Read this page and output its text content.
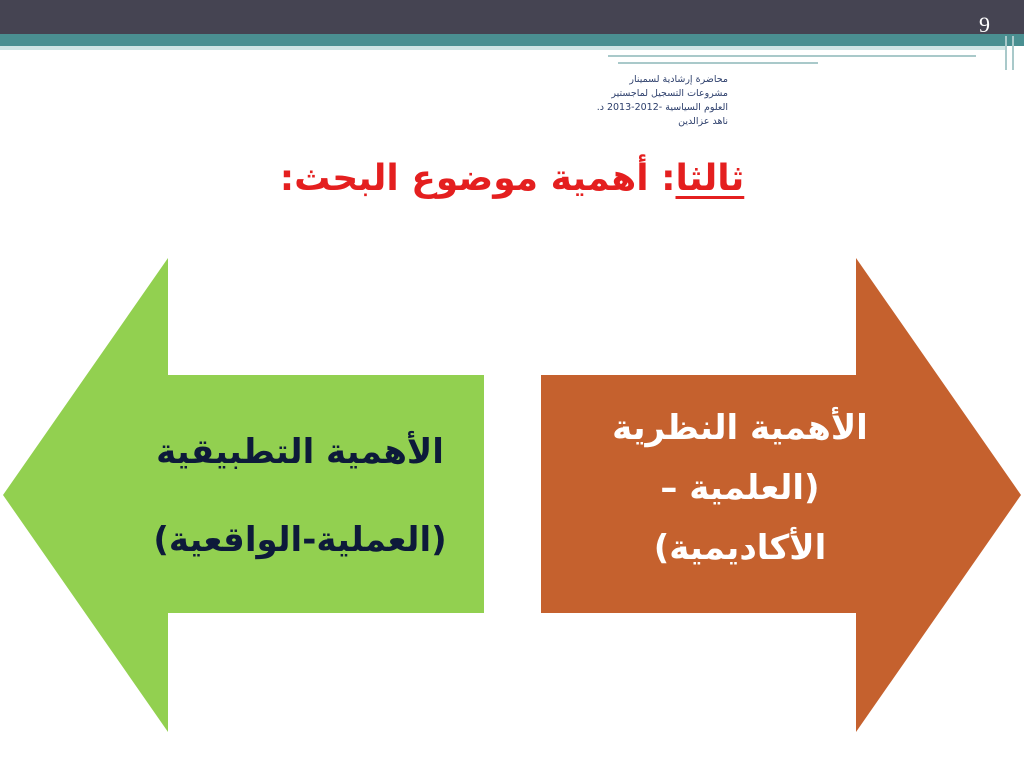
9
محاضرة إرشادية لسمينار
مشروعات التسجيل لماجستير
العلوم السياسية -2012-2013 د.
ناهد عزالدين
ثالثا: أهمية موضوع البحث:
الأهمية التطبيقية
(العملية-الواقعية)
الأهمية النظرية
(العلمية –
الأكاديمية)
